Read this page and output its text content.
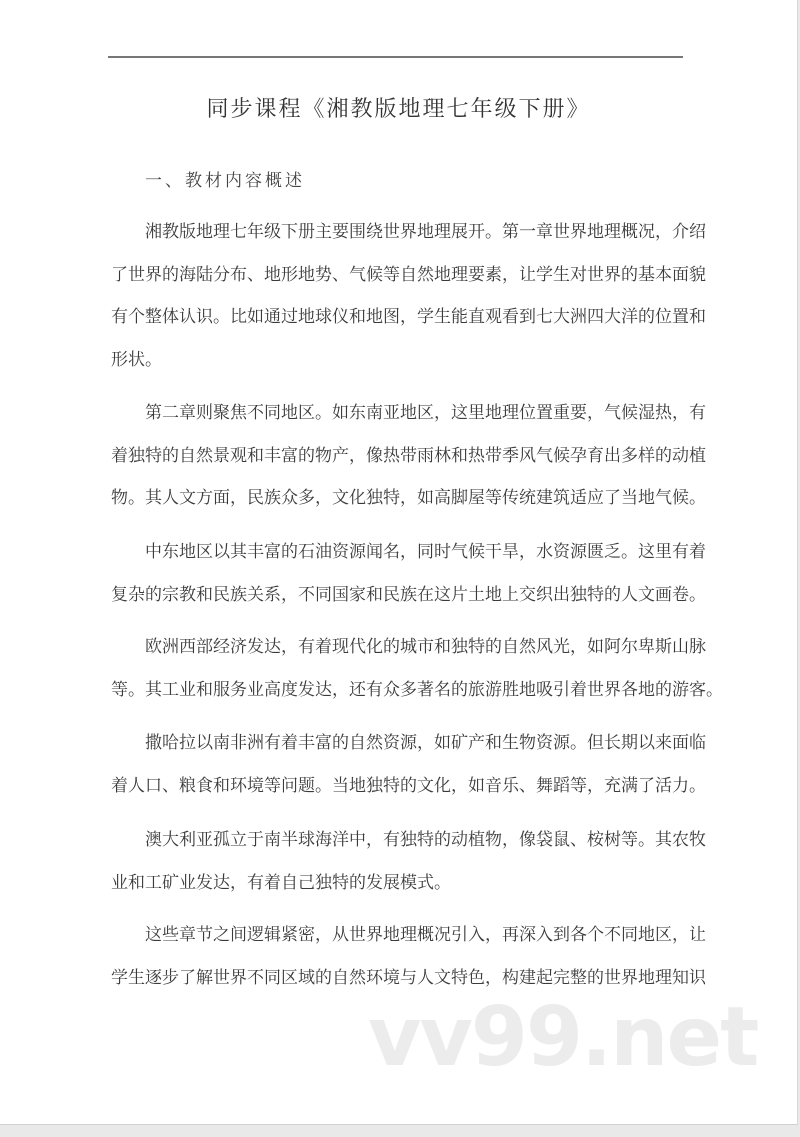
同步课程《湘教版地理七年级下册》
一、教材内容概述
湘教版地理七年级下册主要围绕世界地理展开。第一章世界地理概况，介绍
了世界的海陆分布、地形地势、气候等自然地理要素，让学生对世界的基本面貌
有个整体认识。比如通过地球仪和地图，学生能直观看到七大洲四大洋的位置和
形状。
第二章则聚焦不同地区。如东南亚地区，这里地理位置重要，气候湿热，有
着独特的自然景观和丰富的物产，像热带雨林和热带季风气候孕育出多样的动植
物。其人文方面，民族众多，文化独特，如高脚屋等传统建筑适应了当地气候。
中东地区以其丰富的石油资源闻名，同时气候干旱，水资源匮乏。这里有着
复杂的宗教和民族关系，不同国家和民族在这片土地上交织出独特的人文画卷。
欧洲西部经济发达，有着现代化的城市和独特的自然风光，如阿尔卑斯山脉
等。其工业和服务业高度发达，还有众多著名的旅游胜地吸引着世界各地的游客。
撒哈拉以南非洲有着丰富的自然资源，如矿产和生物资源。但长期以来面临
着人口、粮食和环境等问题。当地独特的文化，如音乐、舞蹈等，充满了活力。
澳大利亚孤立于南半球海洋中，有独特的动植物，像袋鼠、桉树等。其农牧
业和工矿业发达，有着自己独特的发展模式。
这些章节之间逻辑紧密，从世界地理概况引入，再深入到各个不同地区，让
学生逐步了解世界不同区域的自然环境与人文特色，构建起完整的世界地理知识
vv99.net
